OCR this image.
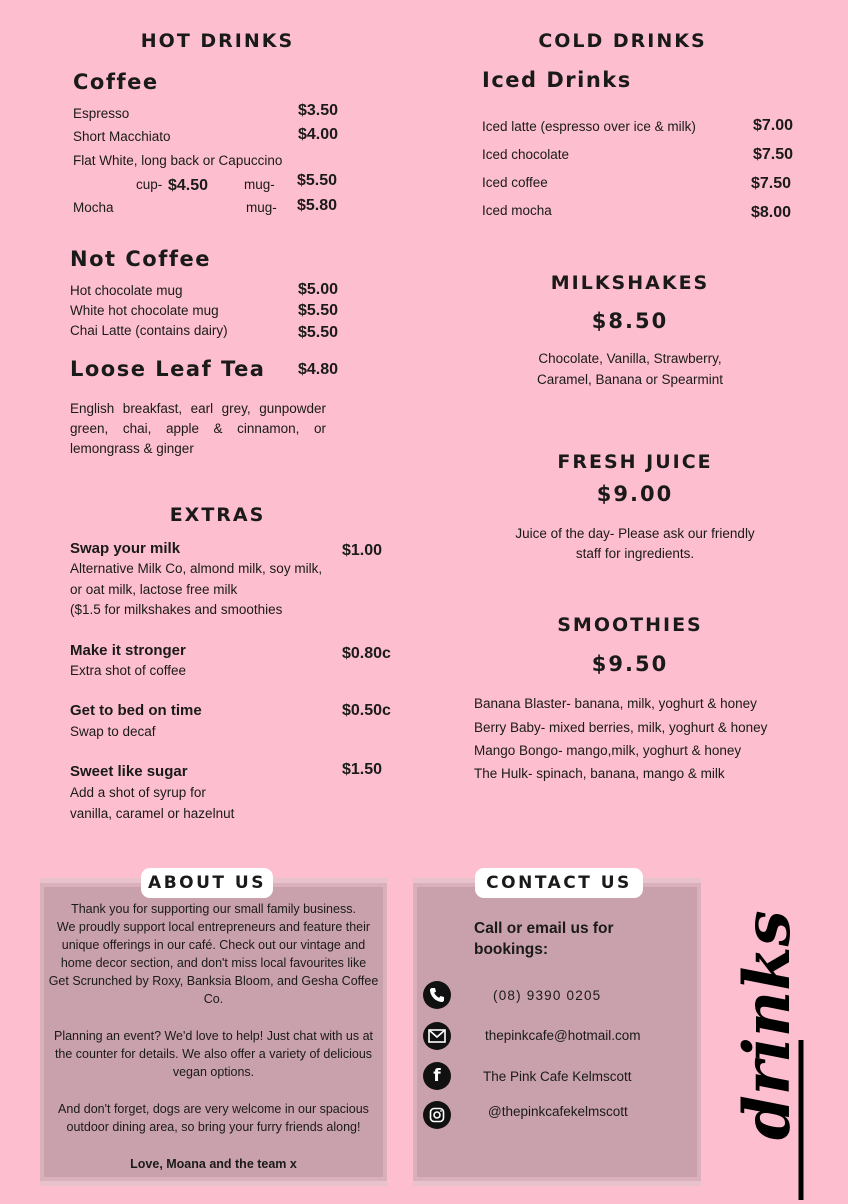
HOT DRINKS
Coffee
Espresso	$3.50
Short Macchiato	$4.00
Flat White, long back or Capuccino
cup- $4.50	mug- $5.50
Mocha	mug- $5.80
Not Coffee
Hot chocolate mug	$5.00
White hot chocolate mug	$5.50
Chai Latte (contains dairy)	$5.50
Loose Leaf Tea $4.80
English breakfast, earl grey, gunpowder
green, chai, apple & cinnamon, or
lemongrass & ginger
EXTRAS
Swap your milk	$1.00
Alternative Milk Co, almond milk, soy milk,
or oat milk, lactose free milk
($1.5 for milkshakes and smoothies
Make it stronger	$0.80c
Extra shot of coffee
Get to bed on time	$0.50c
Swap to decaf
Sweet like sugar	$1.50
Add a shot of syrup for
vanilla, caramel or hazelnut
COLD DRINKS
Iced Drinks
Iced latte (espresso over ice & milk)	$7.00
Iced chocolate	$7.50
Iced coffee	$7.50
Iced mocha	$8.00
MILKSHAKES
$8.50
Chocolate, Vanilla, Strawberry,
Caramel, Banana or Spearmint
FRESH JUICE
$9.00
Juice of the day- Please ask our friendly
staff for ingredients.
SMOOTHIES
$9.50
Banana Blaster- banana, milk, yoghurt & honey
Berry Baby- mixed berries, milk, yoghurt & honey
Mango Bongo- mango,milk, yoghurt & honey
The Hulk- spinach, banana, mango & milk
ABOUT US
Thank you for supporting our small family business.
We proudly support local entrepreneurs and feature their
unique offerings in our café. Check out our vintage and
home decor section, and don't miss local favourites like
Get Scrunched by Roxy, Banksia Bloom, and Gesha Coffee
Co.
Planning an event? We'd love to help! Just chat with us at
the counter for details. We also offer a variety of delicious
vegan options.
And don't forget, dogs are very welcome in our spacious
outdoor dining area, so bring your furry friends along!
Love, Moana and the team x
CONTACT US
Call or email us for
bookings:
(08) 9390 0205
thepinkcafe@hotmail.com
f	The Pink Cafe Kelmscott
@thepinkcafekelmscott drinks
